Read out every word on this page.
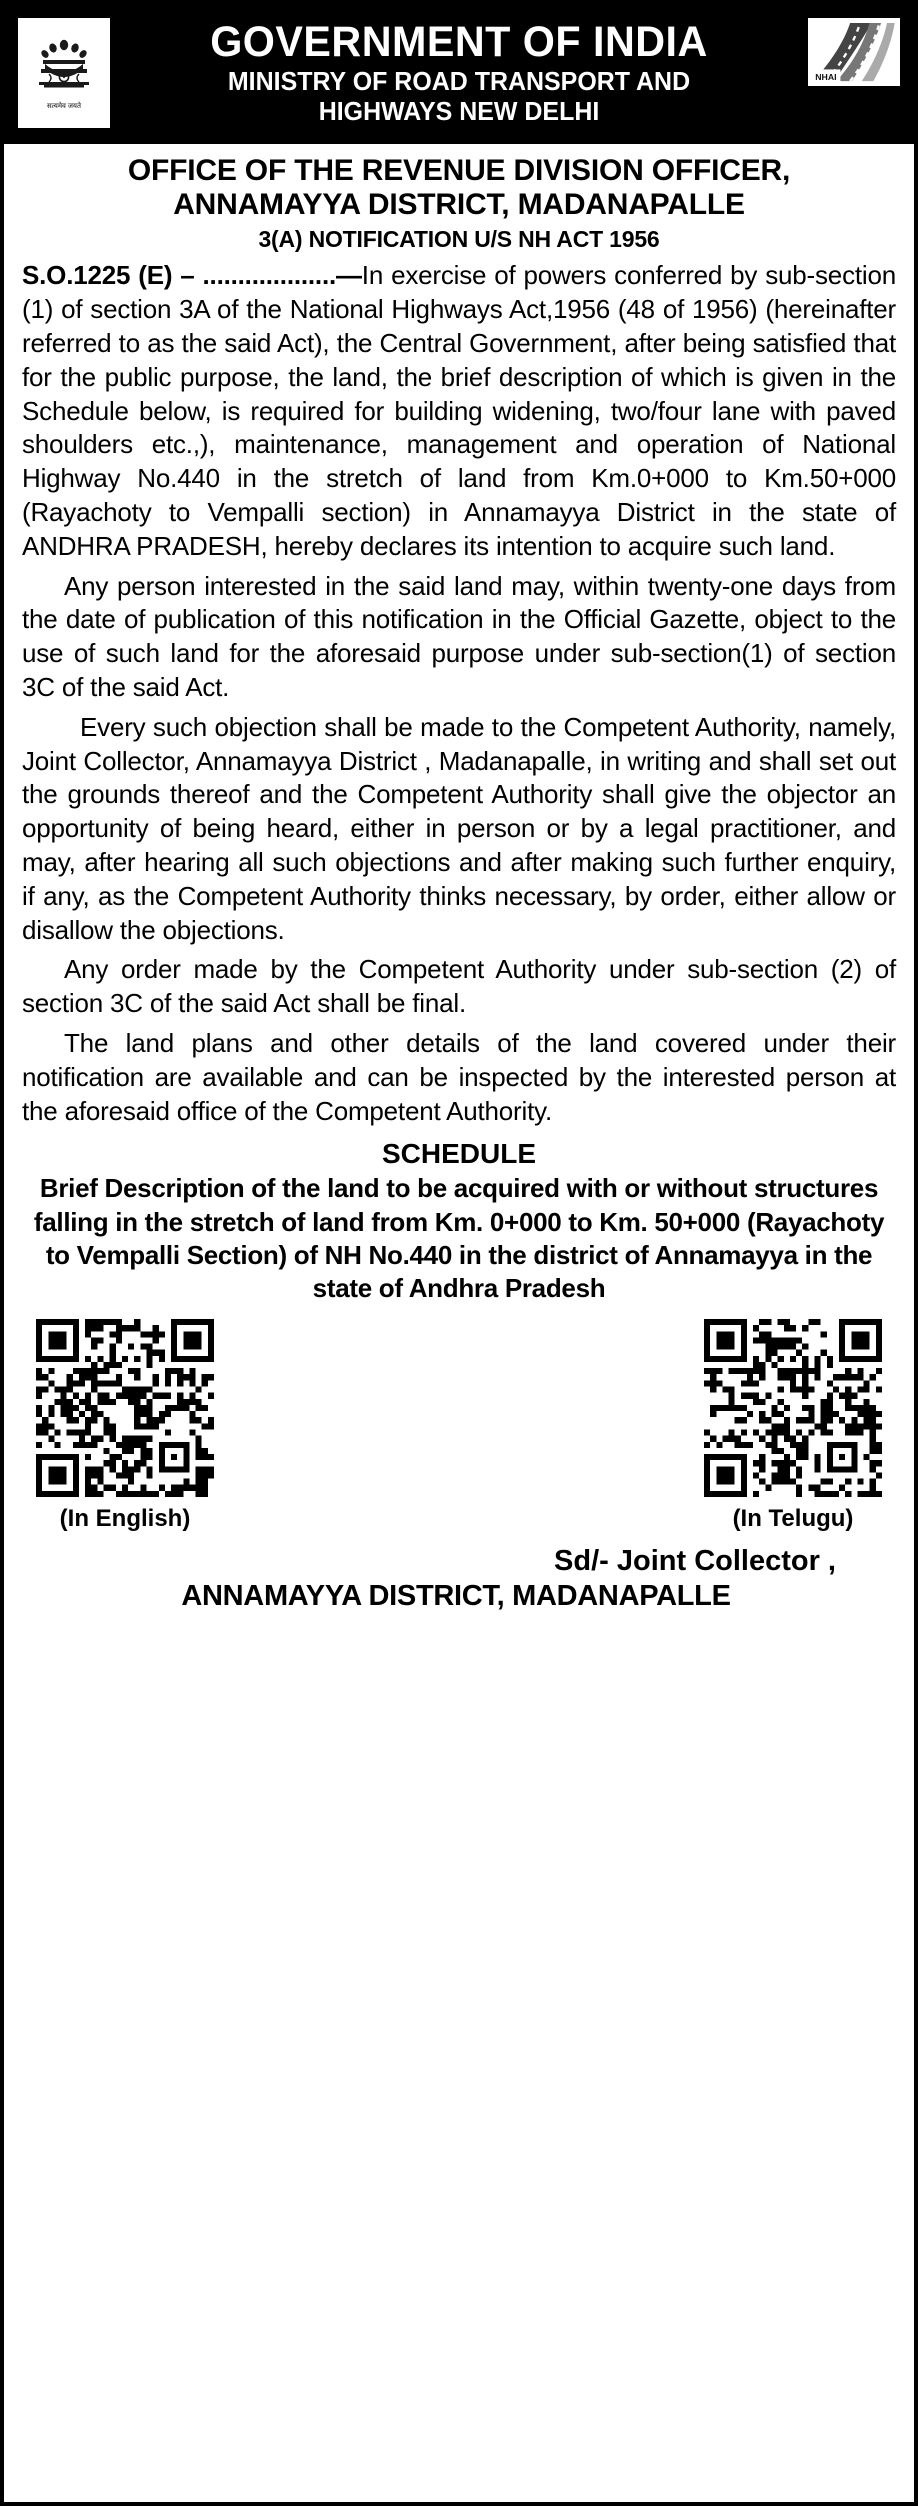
सत्यमेव जयते
GOVERNMENT OF INDIA
MINISTRY OF ROAD TRANSPORT AND
HIGHWAYS NEW DELHI
NHAI
OFFICE OF THE REVENUE DIVISION OFFICER,
ANNAMAYYA DISTRICT, MADANAPALLE
3(A) NOTIFICATION U/S NH ACT 1956

S.O.1225 (E) – ...................—In exercise of powers conferred by sub-section (1) of section 3A of the National Highways Act,1956 (48 of 1956) (hereinafter referred to as the said Act), the Central Government, after being satisfied that for the public purpose, the land, the brief description of which is given in the Schedule below, is required for building widening, two/four lane with paved shoulders etc.,), maintenance, management and operation of National Highway No.440 in the stretch of land from Km.0+000 to Km.50+000 (Rayachoty to Vempalli section) in Annamayya District in the state of ANDHRA PRADESH, hereby declares its intention to acquire such land.

Any person interested in the said land may, within twenty-one days from the date of publication of this notification in the Official Gazette, object to the use of such land for the aforesaid purpose under sub-section(1) of section 3C of the said Act.

Every such objection shall be made to the Competent Authority, namely, Joint Collector, Annamayya District , Madanapalle, in writing and shall set out the grounds thereof and the Competent Authority shall give the objector an opportunity of being heard, either in person or by a legal practitioner, and may, after hearing all such objections and after making such further enquiry, if any, as the Competent Authority thinks necessary, by order, either allow or disallow the objections.

Any order made by the Competent Authority under sub-section (2) of section 3C of the said Act shall be final.

The land plans and other details of the land covered under their notification are available and can be inspected by the interested person at the aforesaid office of the Competent Authority.

SCHEDULE
Brief Description of the land to be acquired with or without structures falling in the stretch of land from Km. 0+000 to Km. 50+000 (Rayachoty to Vempalli Section) of NH No.440 in the district of Annamayya in the state of Andhra Pradesh
(In English)	(In Telugu)
Sd/- Joint Collector ,
ANNAMAYYA DISTRICT, MADANAPALLE
